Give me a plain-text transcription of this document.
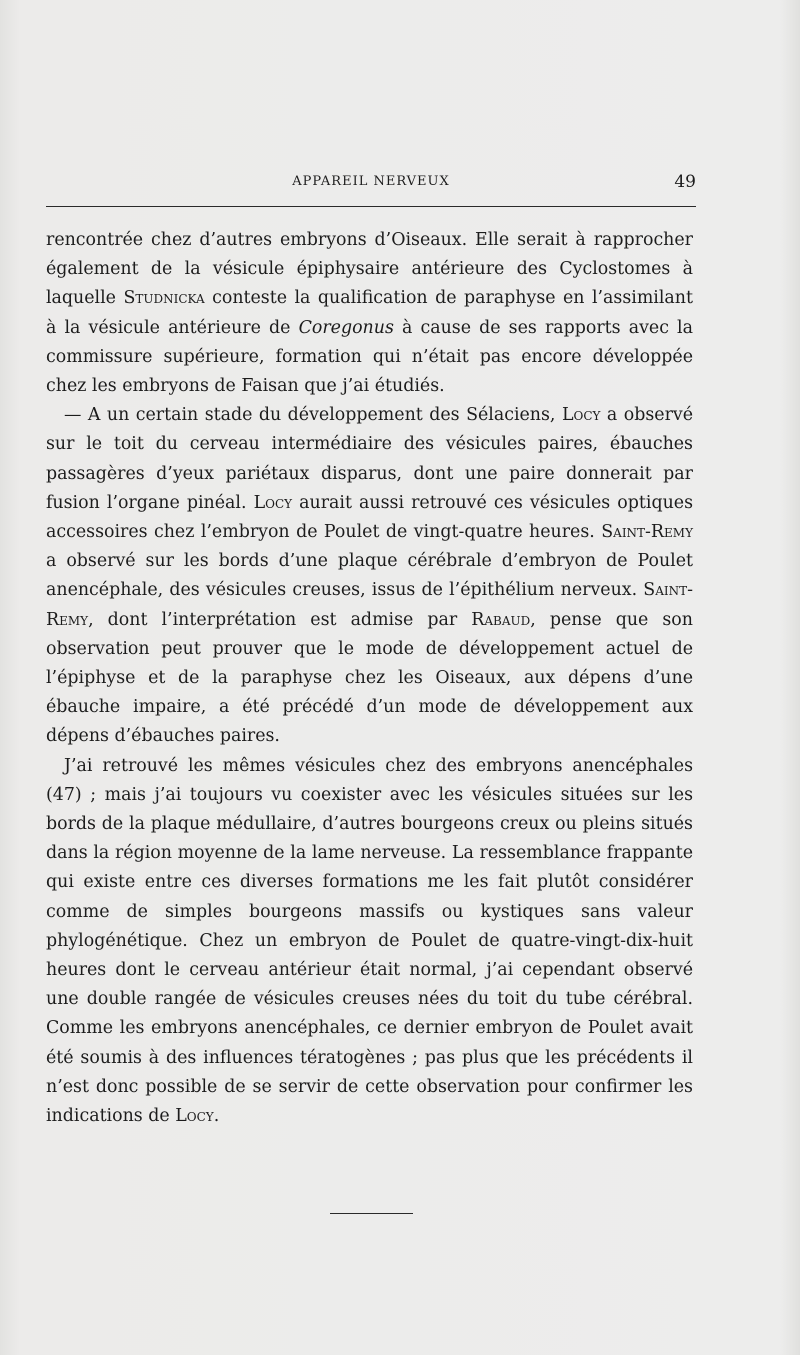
APPAREIL NERVEUX	49

rencontrée chez d’autres embryons d’Oiseaux. Elle serait à rapprocher également de la vésicule épiphysaire antérieure des Cyclostomes à laquelle Studnicka conteste la qualification de paraphyse en l’assimilant à la vésicule antérieure de Coregonus à cause de ses rapports avec la commissure supérieure, formation qui n’était pas encore développée chez les embryons de Faisan que j’ai étudiés.

— A un certain stade du développement des Sélaciens, Locy a observé sur le toit du cerveau intermédiaire des vésicules paires, ébauches passagères d’yeux pariétaux disparus, dont une paire donnerait par fusion l’organe pinéal. Locy aurait aussi retrouvé ces vésicules optiques accessoires chez l’embryon de Poulet de vingt-quatre heures. Saint-Remy a observé sur les bords d’une plaque cérébrale d’embryon de Poulet anencéphale, des vésicules creuses, issus de l’épithélium nerveux. Saint-Remy, dont l’interprétation est admise par Rabaud, pense que son observation peut prouver que le mode de développement actuel de l’épiphyse et de la paraphyse chez les Oiseaux, aux dépens d’une ébauche impaire, a été précédé d’un mode de développement aux dépens d’ébauches paires.

J’ai retrouvé les mêmes vésicules chez des embryons anencéphales (47) ; mais j’ai toujours vu coexister avec les vésicules situées sur les bords de la plaque médullaire, d’autres bourgeons creux ou pleins situés dans la région moyenne de la lame nerveuse. La ressemblance frappante qui existe entre ces diverses formations me les fait plutôt considérer comme de simples bourgeons massifs ou kystiques sans valeur phylogénétique. Chez un embryon de Poulet de quatre-vingt-dix-huit heures dont le cerveau antérieur était normal, j’ai cependant observé une double rangée de vésicules creuses nées du toit du tube cérébral. Comme les embryons anencéphales, ce dernier embryon de Poulet avait été soumis à des influences tératogènes ; pas plus que les précédents il n’est donc possible de se servir de cette observation pour confirmer les indications de Locy.
